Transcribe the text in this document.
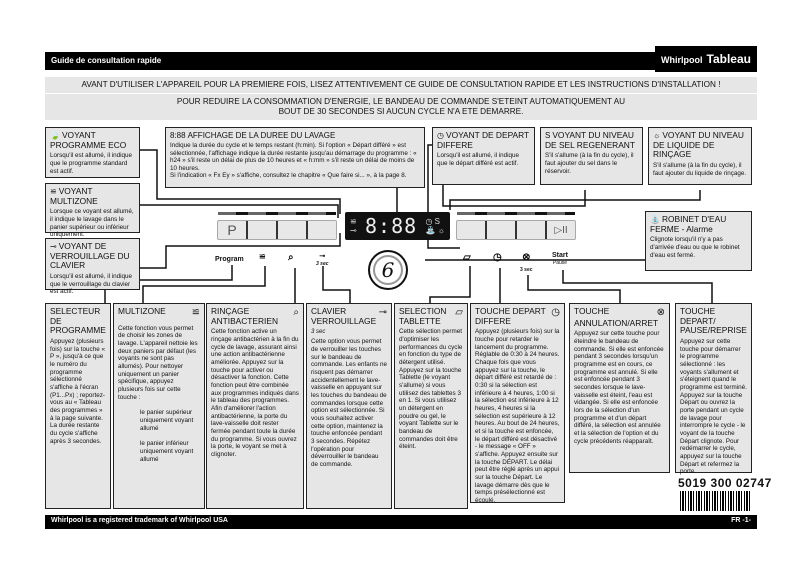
Guide de consultation rapide	Whirlpool Tableau
AVANT D'UTILISER L'APPAREIL POUR LA PREMIERE FOIS, LISEZ ATTENTIVEMENT CE GUIDE DE CONSULTATION RAPIDE ET LES INSTRUCTIONS D'INSTALLATION !
POUR REDUIRE LA CONSOMMATION D'ENERGIE, LE BANDEAU DE COMMANDE S'ETEINT AUTOMATIQUEMENT AU BOUT DE 30 SECONDES SI AUCUN CYCLE N'A ETE DEMARRE.
🍃 VOYANT PROGRAMME ECO
Lorsqu'il est allumé, il indique que le programme standard est actif.
≌ VOYANT MULTIZONE
Lorsque ce voyant est allumé, il indique le lavage dans le panier supérieur ou inférieur uniquement.
⊸ VOYANT DE VERROUILLAGE DU CLAVIER
Lorsqu'il est allumé, il indique que le verrouillage du clavier est actif.
8:88 AFFICHAGE DE LA DUREE DU LAVAGE
Indique la durée du cycle et le temps restant (h:min). Si l'option « Départ différé » est sélectionnée, l'affichage indique la durée restante jusqu'au démarrage du programme : « h24 » s'il reste un délai de plus de 10 heures et « h:mm » s'il reste un délai de moins de 10 heures.
Si l'indication « Fx Ey » s'affiche, consultez le chapitre « Que faire si... », à la page 8.
◷ VOYANT DE DEPART DIFFERE
Lorsqu'il est allumé, il indique que le départ différé est actif.
S VOYANT DU NIVEAU DE SEL REGENERANT
S'il s'allume (à la fin du cycle), il faut ajouter du sel dans le réservoir.
☼ VOYANT DU NIVEAU DE LIQUIDE DE RINÇAGE
S'il s'allume (à la fin du cycle), il faut ajouter du liquide de rinçage.
⛲ ROBINET D'EAU FERME - Alarme
Clignote lorsqu'il n'y a pas d'arrivée d'eau ou que le robinet d'eau est fermé.
P
≌
⊸ 8:88 ◷ S
⛲ ☼	▷II
Program ≌ ⌕	⊸
3 sec	6
▱ ◷ ⊗
3 sec
Start
Pause
SELECTEUR DE PROGRAMME
Appuyez (plusieurs fois) sur la touche « P », jusqu'à ce que le numéro du programme sélectionné s'affiche à l'écran (P1...Px) ; reportez-vous au « Tableau des programmes » à la page suivante. La durée restante du cycle s'affiche après 3 secondes.
≌
MULTIZONE
Cette fonction vous permet de choisir les zones de lavage. L'appareil nettoie les deux paniers par défaut (les voyants ne sont pas allumés). Pour nettoyer uniquement un panier spécifique, appuyez plusieurs fois sur cette touche :
le panier supérieur uniquement voyant allumé
le panier inférieur uniquement voyant allumé
⌕
RINÇAGE ANTIBACTERIEN
Cette fonction active un rinçage antibactérien à la fin du cycle de lavage, assurant ainsi une action antibactérienne améliorée. Appuyez sur la touche pour activer ou désactiver la fonction. Cette fonction peut être combinée aux programmes indiqués dans le tableau des programmes. Afin d'améliorer l'action antibactérienne, la porte du lave-vaisselle doit rester fermée pendant toute la durée du programme. Si vous ouvrez la porte, le voyant se met à clignoter.
⊸
CLAVIER VERROUILLAGE 3 sec
Cette option vous permet de verrouiller les touches sur le bandeau de commande. Les enfants ne risquent pas démarrer accidentellement le lave-vaisselle en appuyant sur les touches du bandeau de commandes lorsque cette option est sélectionnée. Si vous souhaitez activer cette option, maintenez la touche enfoncée pendant 3 secondes. Répétez l'opération pour déverrouiller le bandeau de commande.
▱
SELECTION TABLETTE
Cette sélection permet d'optimiser les performances du cycle en fonction du type de détergent utilisé. Appuyez sur la touche Tablette (le voyant s'allume) si vous utilisez des tablettes 3 en 1. Si vous utilisez un détergent en poudre ou gel, le voyant Tablette sur le bandeau de commandes doit être éteint.
◷
TOUCHE DEPART DIFFERE
Appuyez (plusieurs fois) sur la touche pour retarder le lancement du programme. Réglable de 0:30 à 24 heures. Chaque fois que vous appuyez sur la touche, le départ différé est retardé de : 0:30 si la sélection est inférieure à 4 heures, 1:00 si la sélection est inférieure à 12 heures, 4 heures si la sélection est supérieure à 12 heures. Au bout de 24 heures, et si la touche est enfoncée, le départ différé est désactivé - le message « OFF » s'affiche. Appuyez ensuite sur la touche DÉPART. Le délai peut être réglé après un appui sur la touche Départ. Le lavage démarre dès que le temps présélectionné est écoulé.
⊗
TOUCHE ANNULATION/ARRET
Appuyez sur cette touche pour éteindre le bandeau de commande. Si elle est enfoncée pendant 3 secondes lorsqu'un programme est en cours, ce programme est annulé. Si elle est enfoncée pendant 3 secondes lorsque le lave-vaisselle est éteint, l'eau est vidangée. Si elle est enfoncée lors de la sélection d'un programme et d'un départ différé, la sélection est annulée et la sélection de l'option et du cycle précédents réapparaît.
TOUCHE DEPART/ PAUSE/REPRISE
Appuyez sur cette touche pour démarrer le programme sélectionné : les voyants s'allument et s'éteignent quand le programme est terminé. Appuyez sur la touche Départ ou ouvrez la porte pendant un cycle de lavage pour interrompre le cycle - le voyant de la touche Départ clignote. Pour redémarrer le cycle, appuyez sur la touche Départ et refermez la porte.
5019 300 02747
Whirlpool is a registered trademark of Whirlpool USA	FR -1-
